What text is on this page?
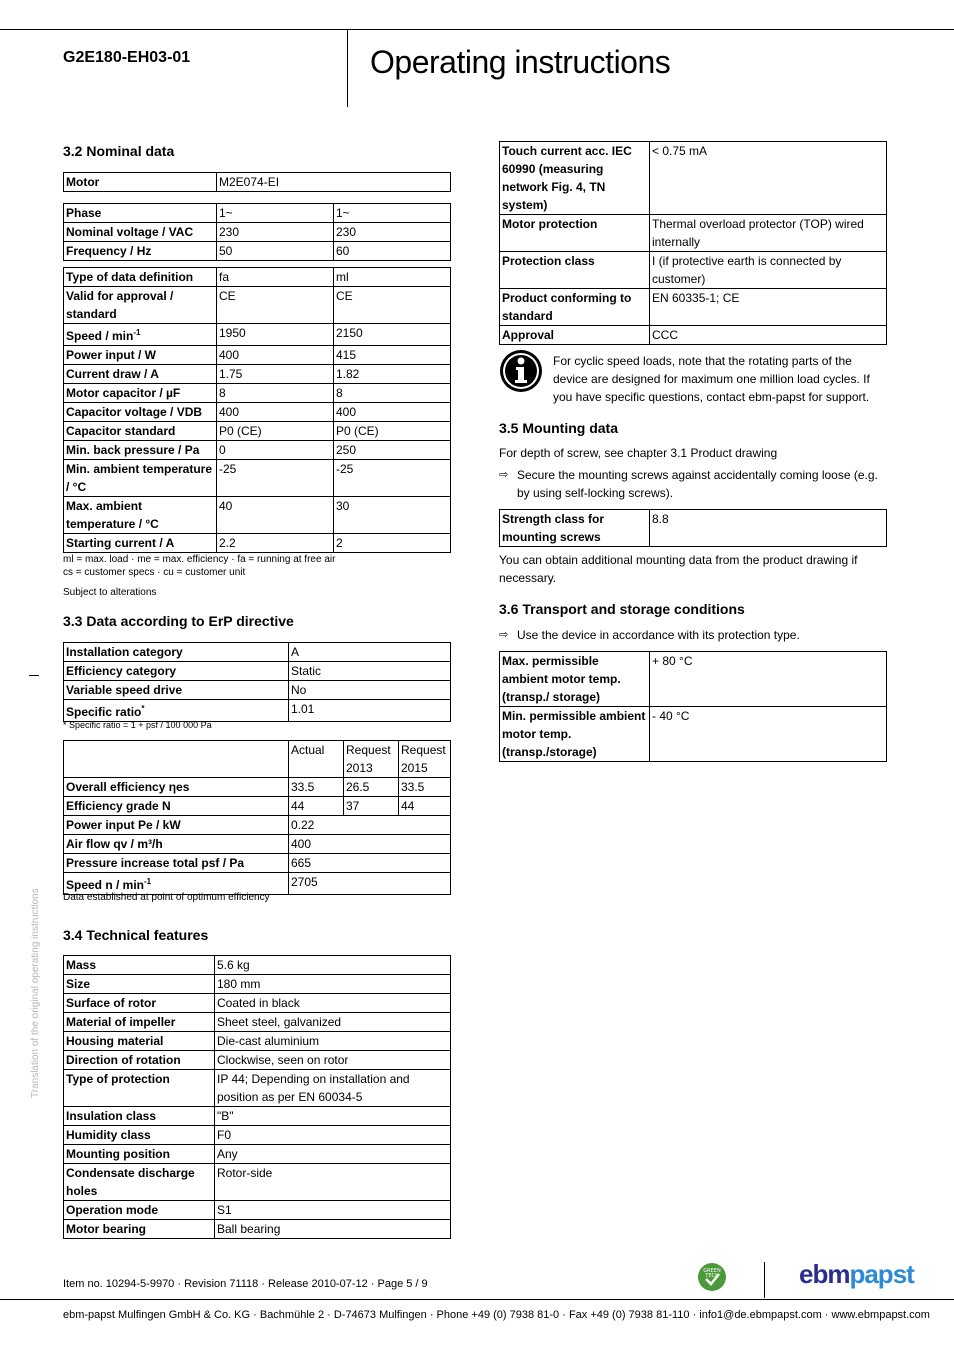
G2E180-EH03-01	Operating instructions
3.2 Nominal data
Motor	M2E074-EI
Phase	1~	1~
Nominal voltage / VAC	230	230
Frequency / Hz	50	60
Type of data definition	fa	ml
Valid for approval / standard	CE	CE
Speed / $\min^{-1}$	1950	2150
Power input / W	400	415
Current draw / A	1.75	1.82
Motor capacitor / µF	8	8
Capacitor voltage / VDB	400	400
Capacitor standard	P0 (CE)	P0 (CE)
Min. back pressure / Pa	0	250
Min. ambient temperature / °C	-25	-25
Max. ambient temperature / °C	40	30
Starting current / A	2.2	2
ml = max. load · me = max. efficiency · fa = running at free air
cs = customer specs · cu = customer unit
Subject to alterations
3.3 Data according to ErP directive
Installation category	A
Efficiency category	Static
Variable speed drive	No
Specific ratio*	1.01
* Specific ratio = 1 + psf / 100 000 Pa
	Actual	Request 2013	Request 2015
Overall efficiency ηes	33.5	26.5	33.5
Efficiency grade N	44	37	44
Power input Pe / kW	0.22		
Air flow qv / m³/h	400		
Pressure increase total psf / Pa	665		
Speed n / $\min^{-1}$	2705		
Data established at point of optimum efficiency
3.4 Technical features
Mass	5.6 kg
Size	180 mm
Surface of rotor	Coated in black
Material of impeller	Sheet steel, galvanized
Housing material	Die-cast aluminium
Direction of rotation	Clockwise, seen on rotor
Type of protection	IP 44; Depending on installation and position as per EN 60034-5
Insulation class	"B"
Humidity class	F0
Mounting position	Any
Condensate discharge holes	Rotor-side
Operation mode	S1
Motor bearing	Ball bearing
Touch current acc. IEC 60990 (measuring network Fig. 4, TN system)	< 0.75 mA
Motor protection	Thermal overload protector (TOP) wired internally
Protection class	I (if protective earth is connected by customer)
Product conforming to standard	EN 60335-1; CE
Approval	CCC
For cyclic speed loads, note that the rotating parts of the device are designed for maximum one million load cycles. If you have specific questions, contact ebm-papst for support.
3.5 Mounting data
For depth of screw, see chapter 3.1 Product drawing
⇨ Secure the mounting screws against accidentally coming loose (e.g. by using self-locking screws).
Strength class for mounting screws	8.8
You can obtain additional mounting data from the product drawing if necessary.
3.6 Transport and storage conditions
⇨ Use the device in accordance with its protection type.
Max. permissible ambient motor temp. (transp./ storage)	+ 80 °C
Min. permissible ambient motor temp. (transp./storage)	- 40 °C
Translation of the original operating instructions
Item no. 10294-5-9970 · Revision 71118 · Release 2010-07-12 · Page 5 / 9
GREEN
TECH	ebmpapst
ebm-papst Mulfingen GmbH & Co. KG · Bachmühle 2 · D-74673 Mulfingen · Phone +49 (0) 7938 81-0 · Fax +49 (0) 7938 81-110 · info1@de.ebmpapst.com · www.ebmpapst.com
